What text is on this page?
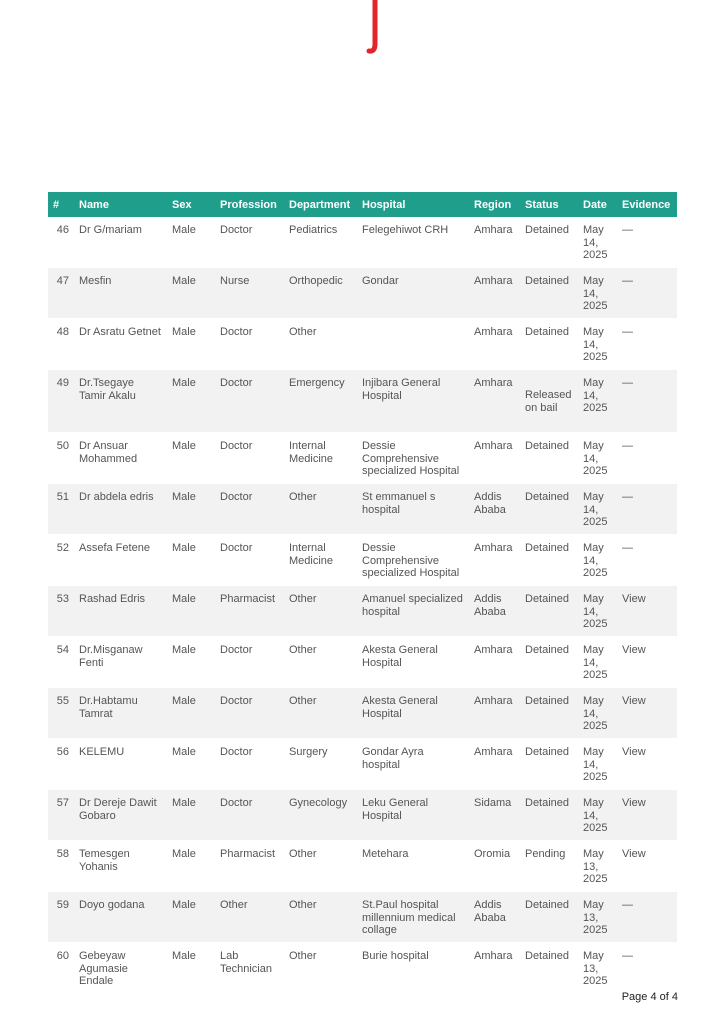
#	Name	Sex	Profession	Department	Hospital	Region	Status	Date	Evidence
46	Dr G/mariam	Male	Doctor	Pediatrics	Felegehiwot CRH	Amhara	Detained	May 14, 2025	—
47	Mesfin	Male	Nurse	Orthopedic	Gondar	Amhara	Detained	May 14, 2025	—
48	Dr Asratu Getnet	Male	Doctor	Other		Amhara	Detained	May 14, 2025	—
49	Dr.Tsegaye Tamir Akalu	Male	Doctor	Emergency	Injibara General Hospital	Amhara	Released on bail	May 14, 2025	—
50	Dr Ansuar Mohammed	Male	Doctor	Internal Medicine	Dessie Comprehensive specialized Hospital	Amhara	Detained	May 14, 2025	—
51	Dr abdela edris	Male	Doctor	Other	St emmanuel s hospital	Addis Ababa	Detained	May 14, 2025	—
52	Assefa Fetene	Male	Doctor	Internal Medicine	Dessie Comprehensive specialized Hospital	Amhara	Detained	May 14, 2025	—
53	Rashad Edris	Male	Pharmacist	Other	Amanuel specialized hospital	Addis Ababa	Detained	May 14, 2025	View
54	Dr.Misganaw Fenti	Male	Doctor	Other	Akesta General Hospital	Amhara	Detained	May 14, 2025	View
55	Dr.Habtamu Tamrat	Male	Doctor	Other	Akesta General Hospital	Amhara	Detained	May 14, 2025	View
56	KELEMU	Male	Doctor	Surgery	Gondar Ayra hospital	Amhara	Detained	May 14, 2025	View
57	Dr Dereje Dawit Gobaro	Male	Doctor	Gynecology	Leku General Hospital	Sidama	Detained	May 14, 2025	View
58	Temesgen Yohanis	Male	Pharmacist	Other	Metehara	Oromia	Pending	May 13, 2025	View
59	Doyo godana	Male	Other	Other	St.Paul hospital millennium medical collage	Addis Ababa	Detained	May 13, 2025	—
60	Gebeyaw Agumasie Endale	Male	Lab Technician	Other	Burie hospital	Amhara	Detained	May 13, 2025	—
Page 4 of 4
